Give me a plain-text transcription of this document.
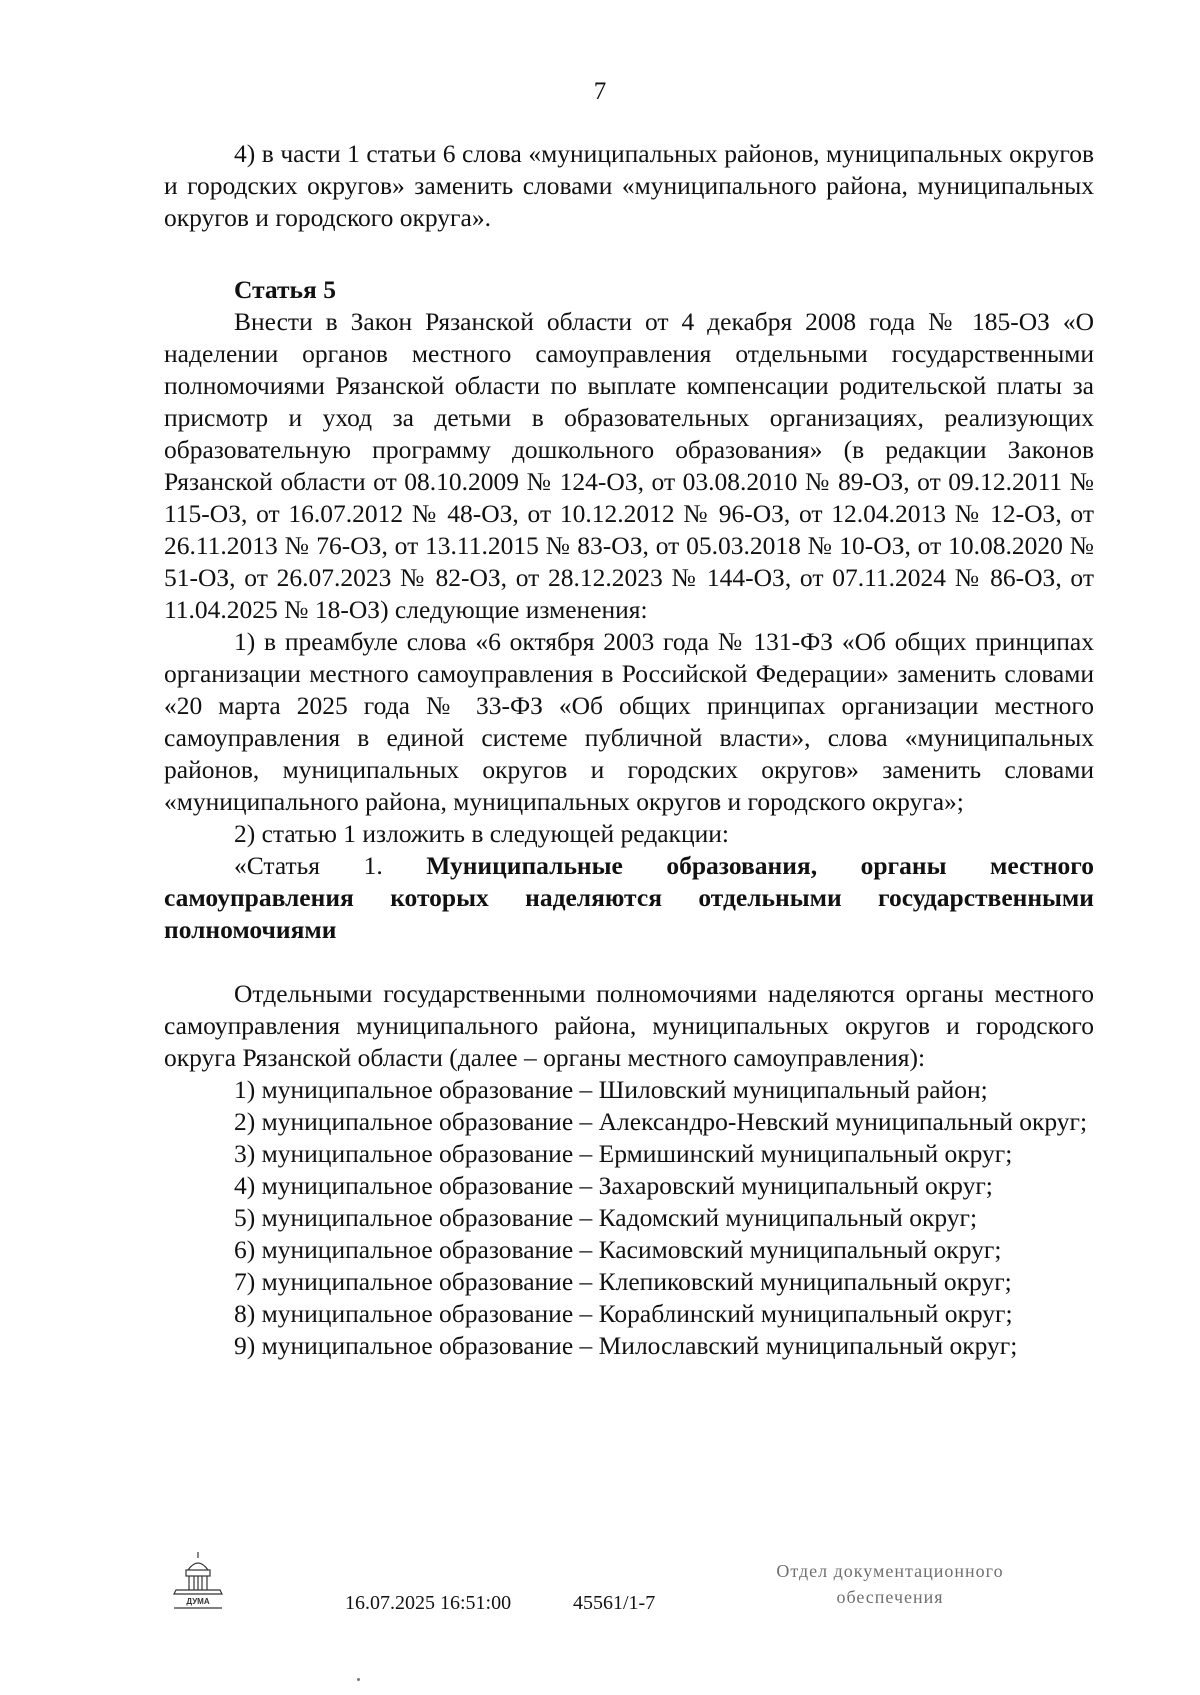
7

4) в части 1 статьи 6 слова «муниципальных районов, муниципальных округов и городских округов» заменить словами «муниципального района, муниципальных округов и городского округа».

Статья 5

Внести в Закон Рязанской области от 4 декабря 2008 года № 185-ОЗ «О наделении органов местного самоуправления отдельными государственными полномочиями Рязанской области по выплате компенсации родительской платы за присмотр и уход за детьми в образовательных организациях, реализующих образовательную программу дошкольного образования» (в редакции Законов Рязанской области от 08.10.2009 № 124-ОЗ, от 03.08.2010 № 89-ОЗ, от 09.12.2011 № 115-ОЗ, от 16.07.2012 № 48-ОЗ, от 10.12.2012 № 96-ОЗ, от 12.04.2013 № 12-ОЗ, от 26.11.2013 № 76-ОЗ, от 13.11.2015 № 83-ОЗ, от 05.03.2018 № 10-ОЗ, от 10.08.2020 № 51-ОЗ, от 26.07.2023 № 82-ОЗ, от 28.12.2023 № 144-ОЗ, от 07.11.2024 № 86-ОЗ, от 11.04.2025 № 18-ОЗ) следующие изменения:

1) в преамбуле слова «6 октября 2003 года № 131-ФЗ «Об общих принципах организации местного самоуправления в Российской Федерации» заменить словами «20 марта 2025 года № 33-ФЗ «Об общих принципах организации местного самоуправления в единой системе публичной власти», слова «муниципальных районов, муниципальных округов и городских округов» заменить словами «муниципального района, муниципальных округов и городского округа»;

2) статью 1 изложить в следующей редакции:

«Статья 1. Муниципальные образования, органы местного самоуправления которых наделяются отдельными государственными полномочиями

Отдельными государственными полномочиями наделяются органы местного самоуправления муниципального района, муниципальных округов и городского округа Рязанской области (далее – органы местного самоуправления):

1) муниципальное образование – Шиловский муниципальный район;

2) муниципальное образование – Александро-Невский муниципальный округ;

3) муниципальное образование – Ермишинский муниципальный округ;

4) муниципальное образование – Захаровский муниципальный округ;

5) муниципальное образование – Кадомский муниципальный округ;

6) муниципальное образование – Касимовский муниципальный округ;

7) муниципальное образование – Клепиковский муниципальный округ;

8) муниципальное образование – Кораблинский муниципальный округ;

9) муниципальное образование – Милославский муниципальный округ;

ДУМА	16.07.2025 16:51:00	45561/1-7
Отдел документационного
обеспечения
